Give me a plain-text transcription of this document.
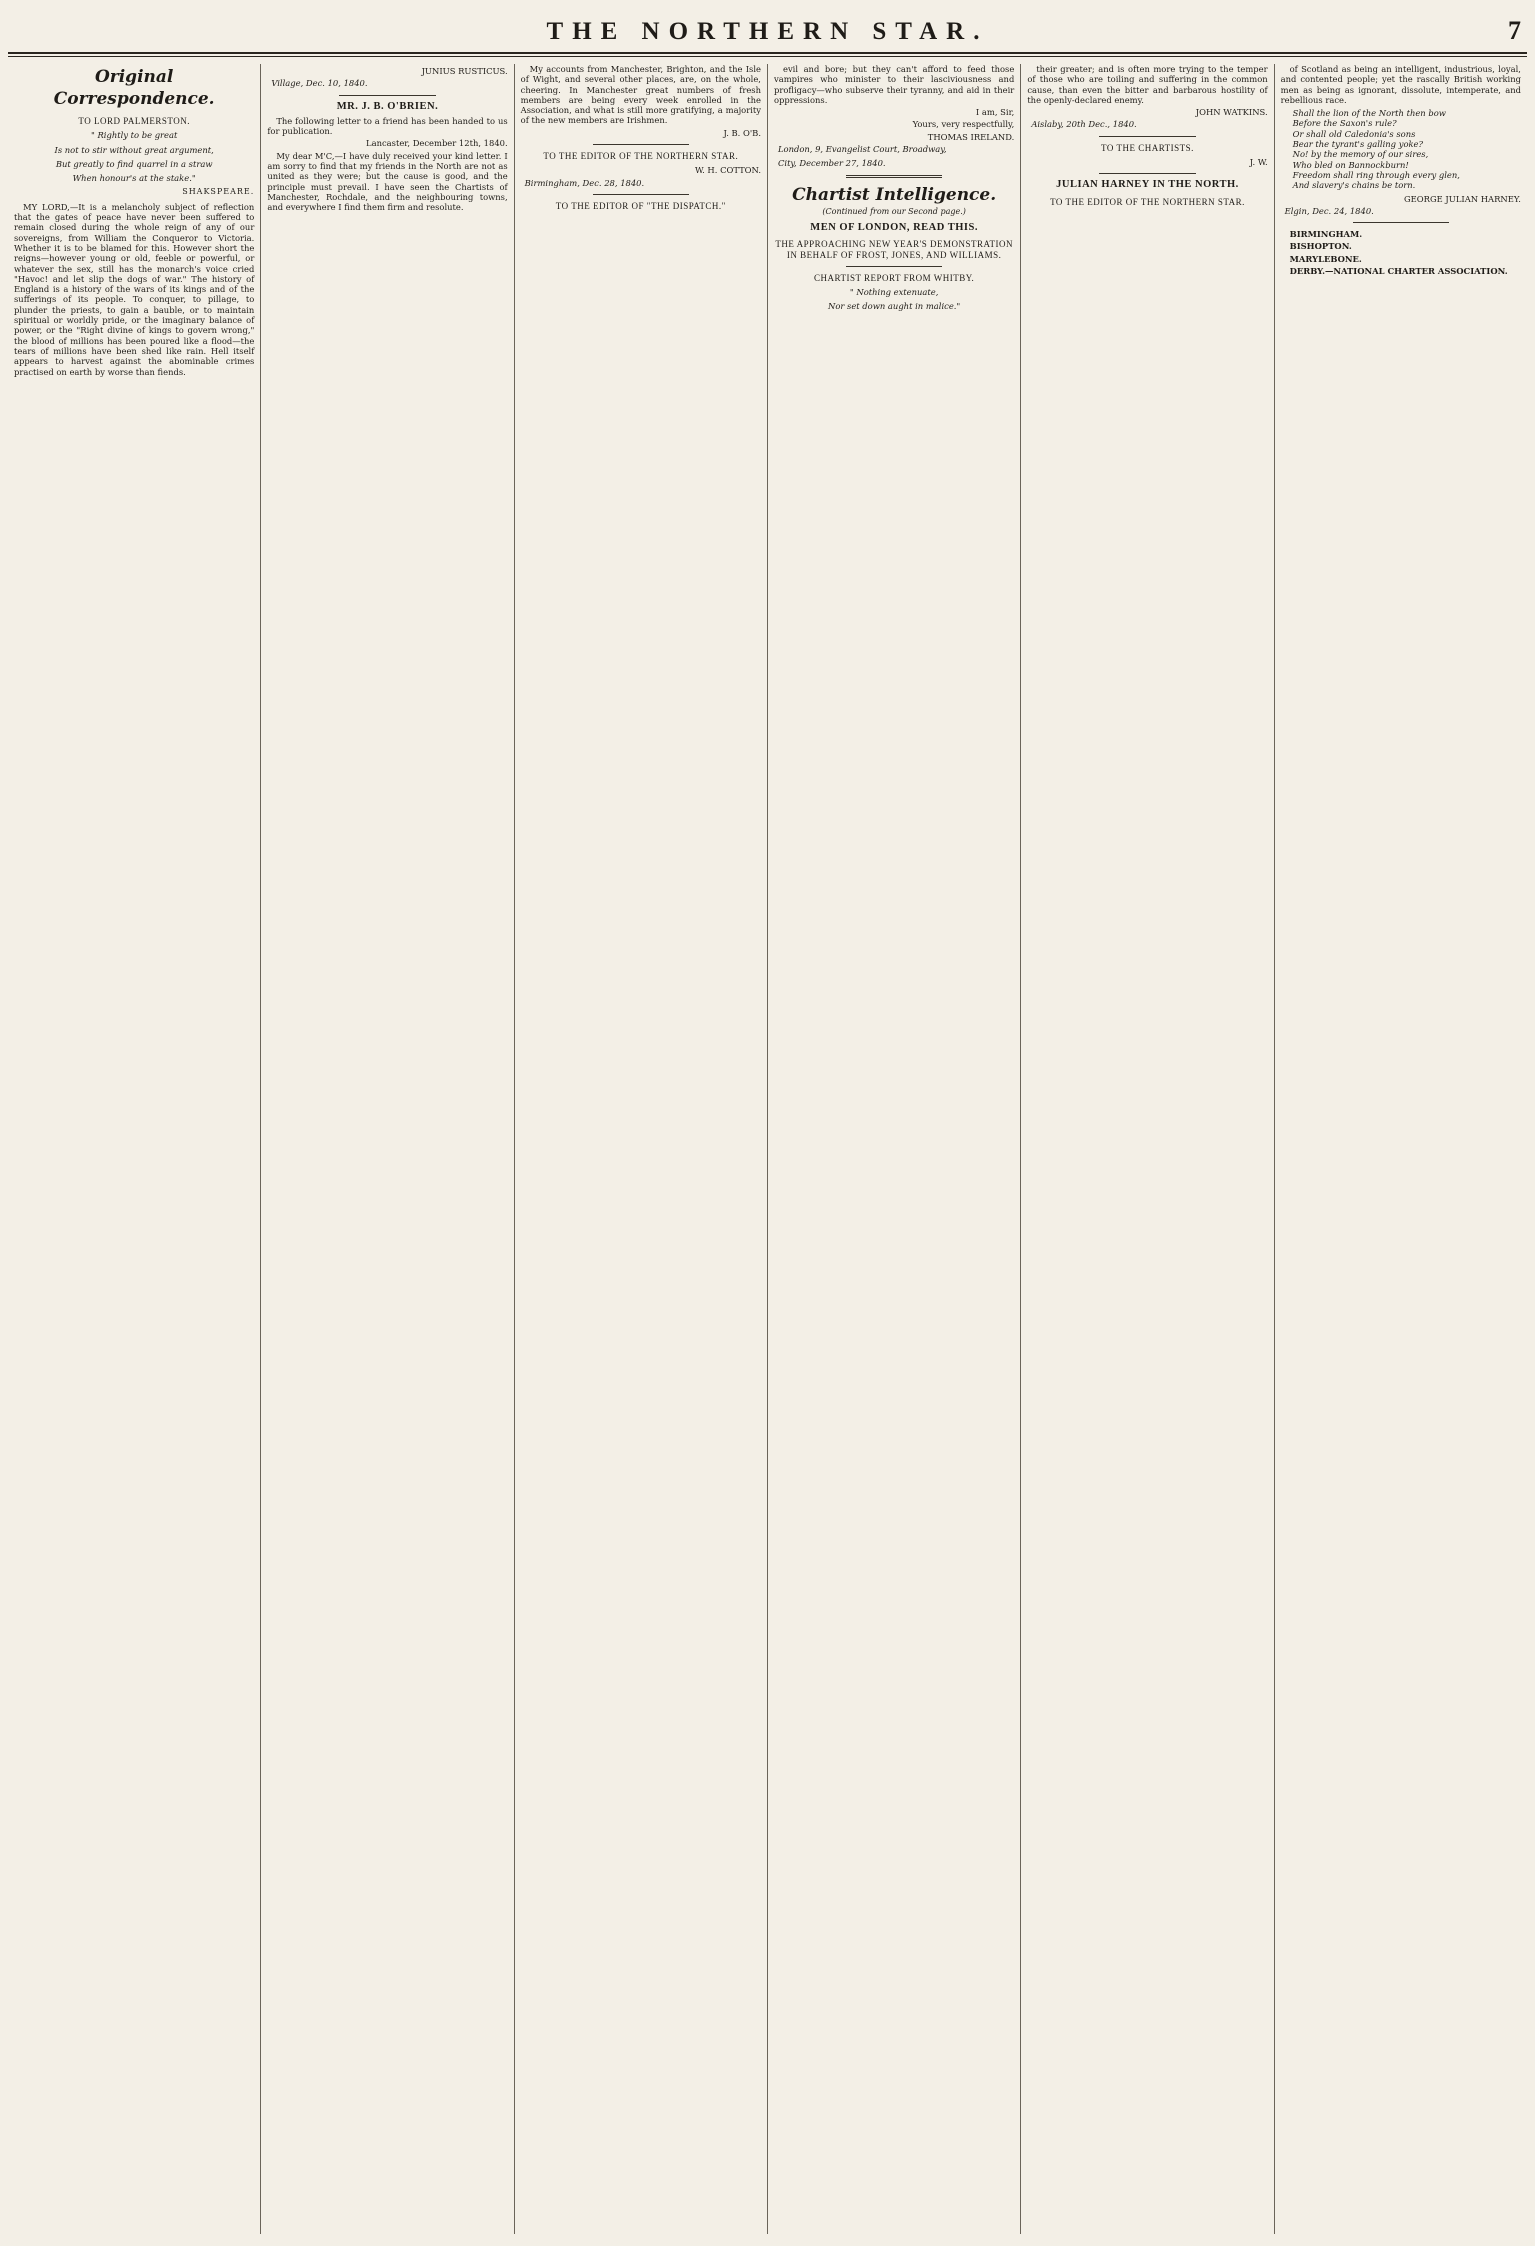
THE NORTHERN STAR.	7
Original Correspondence.
TO LORD PALMERSTON.
" Rightly to be great
Is not to stir without great argument,
But greatly to find quarrel in a straw
When honour's at the stake."
SHAKSPEARE.

MY LORD,—It is a melancholy subject of reflection that the gates of peace have never been suffered to remain closed during the whole reign of any of our sovereigns, from William the Conqueror to Victoria. Whether it is to be blamed for this. However short the reigns—however young or old, feeble or powerful, or whatever the sex, still has the monarch's voice cried "Havoc! and let slip the dogs of war." The history of England is a history of the wars of its kings and of the sufferings of its people. To conquer, to pillage, to plunder the priests, to gain a bauble, or to maintain spiritual or worldly pride, or the imaginary balance of power, or the "Right divine of kings to govern wrong," the blood of millions has been poured like a flood—the tears of millions have been shed like rain. Hell itself appears to harvest against the abominable crimes practised on earth by worse than fiends.

JUNIUS RUSTICUS.
Village, Dec. 10, 1840.
MR. J. B. O'BRIEN.

The following letter to a friend has been handed to us for publication.

Lancaster, December 12th, 1840.

My dear M'C,—I have duly received your kind letter. I am sorry to find that my friends in the North are not as united as they were; but the cause is good, and the principle must prevail. I have seen the Chartists of Manchester, Rochdale, and the neighbouring towns, and everywhere I find them firm and resolute.

My accounts from Manchester, Brighton, and the Isle of Wight, and several other places, are, on the whole, cheering. In Manchester great numbers of fresh members are being every week enrolled in the Association, and what is still more gratifying, a majority of the new members are Irishmen.

J. B. O'B.
TO THE EDITOR OF THE NORTHERN STAR.
W. H. COTTON.
Birmingham, Dec. 28, 1840.
TO THE EDITOR OF "THE DISPATCH."

evil and bore; but they can't afford to feed those vampires who minister to their lasciviousness and profligacy—who subserve their tyranny, and aid in their oppressions.

I am, Sir,
Yours, very respectfully,
THOMAS IRELAND.
London, 9, Evangelist Court, Broadway,
City, December 27, 1840.
Chartist Intelligence.
(Continued from our Second page.)
MEN OF LONDON, READ THIS.
THE APPROACHING NEW YEAR'S DEMONSTRATION IN BEHALF OF FROST, JONES, AND WILLIAMS.
CHARTIST REPORT FROM WHITBY.
" Nothing extenuate,
Nor set down aught in malice."

their greater; and is often more trying to the temper of those who are toiling and suffering in the common cause, than even the bitter and barbarous hostility of the openly-declared enemy.

JOHN WATKINS.
Aislaby, 20th Dec., 1840.
TO THE CHARTISTS.
J. W.
JULIAN HARNEY IN THE NORTH.
TO THE EDITOR OF THE NORTHERN STAR.

of Scotland as being an intelligent, industrious, loyal, and contented people; yet the rascally British working men as being as ignorant, dissolute, intemperate, and rebellious race.

Shall the lion of the North then bow
Before the Saxon's rule?
Or shall old Caledonia's sons
Bear the tyrant's galling yoke?
No! by the memory of our sires,
Who bled on Bannockburn!
Freedom shall ring through every glen,
And slavery's chains be torn.
GEORGE JULIAN HARNEY.
Elgin, Dec. 24, 1840.

BIRMINGHAM.

BISHOPTON.

MARYLEBONE.

DERBY.—NATIONAL CHARTER ASSOCIATION.
